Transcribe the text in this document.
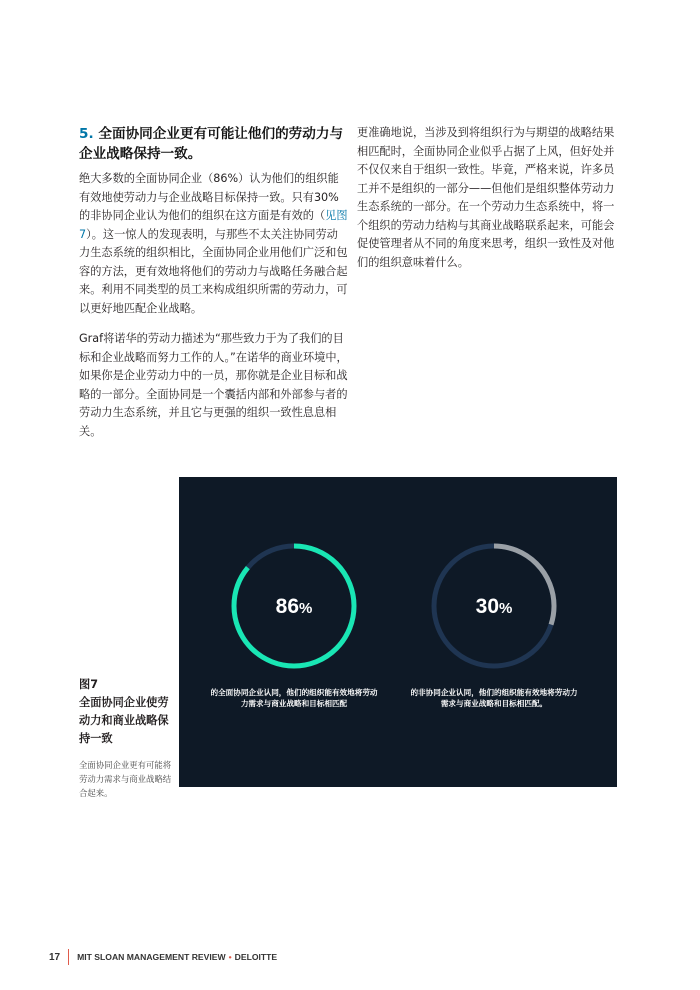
5. 全面协同企业更有可能让他们的劳动力与企业战略保持一致。

绝大多数的全面协同企业（86%）认为他们的组织能有效地使劳动力与企业战略目标保持一致。只有30%的非协同企业认为他们的组织在这方面是有效的（见图7）。这一惊人的发现表明，与那些不太关注协同劳动力生态系统的组织相比，全面协同企业用他们广泛和包容的方法，更有效地将他们的劳动力与战略任务融合起来。利用不同类型的员工来构成组织所需的劳动力，可以更好地匹配企业战略。

Graf将诺华的劳动力描述为“那些致力于为了我们的目标和企业战略而努力工作的人。”在诺华的商业环境中，如果你是企业劳动力中的一员，那你就是企业目标和战略的一部分。全面协同是一个囊括内部和外部参与者的劳动力生态系统，并且它与更强的组织一致性息息相关。

更准确地说，当涉及到将组织行为与期望的战略结果相匹配时，全面协同企业似乎占据了上风，但好处并不仅仅来自于组织一致性。毕竟，严格来说，许多员工并不是组织的一部分——但他们是组织整体劳动力生态系统的一部分。在一个劳动力生态系统中，将一个组织的劳动力结构与其商业战略联系起来，可能会促使管理者从不同的角度来思考，组织一致性及对他们的组织意味着什么。

86%
的全面协同企业认同，他们的组织能有效地将劳动力需求与商业战略和目标相匹配
30%
的非协同企业认同，他们的组织能有效地将劳动力需求与商业战略和目标相匹配。
图7
全面协同企业使劳动力和商业战略保持一致
全面协同企业更有可能将劳动力需求与商业战略结合起来。
17 MIT SLOAN MANAGEMENT REVIEW • DELOITTE
